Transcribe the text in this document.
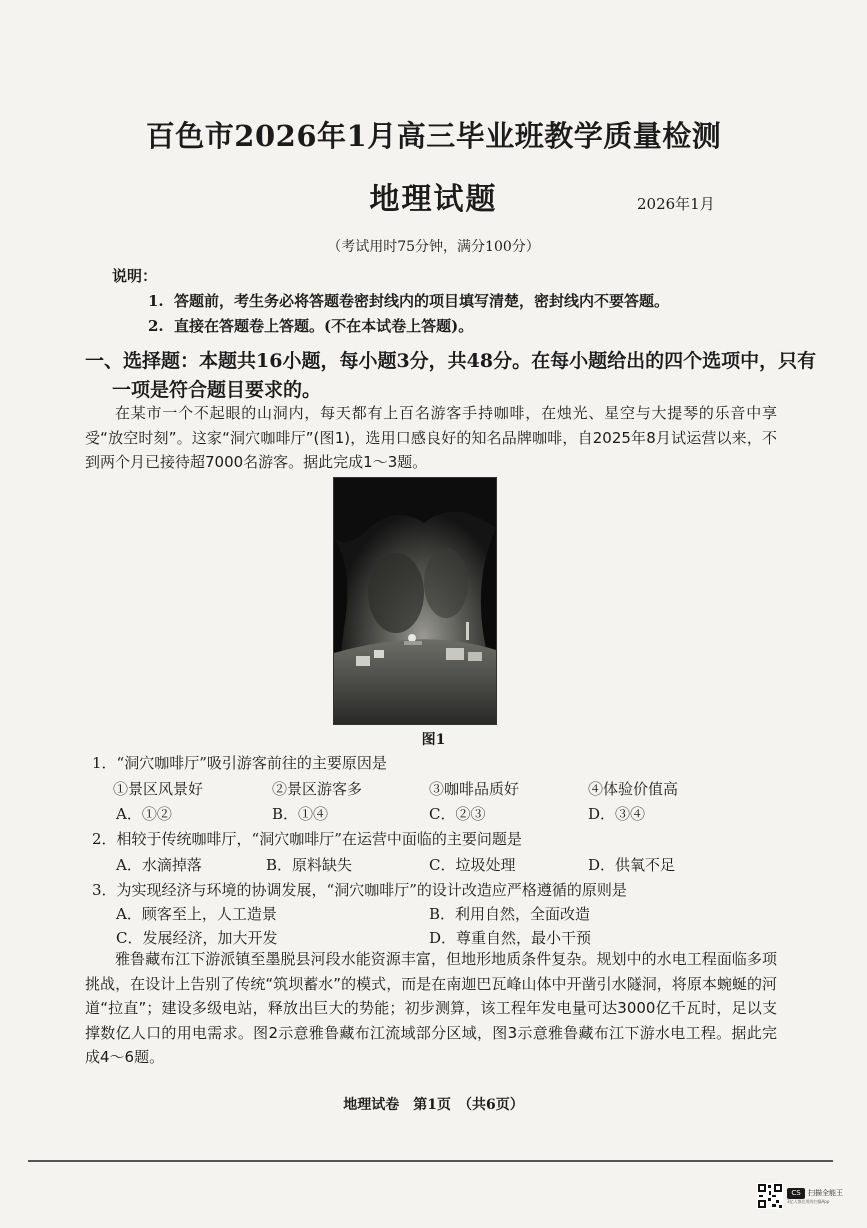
百色市2026年1月高三毕业班教学质量检测
地理试题	2026年1月
（考试用时75分钟，满分100分）
说明：
1. 答题前，考生务必将答题卷密封线内的项目填写清楚，密封线内不要答题。
2. 直接在答题卷上答题。(不在本试卷上答题)。
一、选择题：本题共16小题，每小题3分，共48分。在每小题给出的四个选项中，只有
一项是符合题目要求的。

在某市一个不起眼的山洞内，每天都有上百名游客手持咖啡，在烛光、星空与大提琴的乐音中享受“放空时刻”。这家“洞穴咖啡厅”(图1)，选用口感良好的知名品牌咖啡，自2025年8月试运营以来，不到两个月已接待超7000名游客。据此完成1～3题。

图1
1．“洞穴咖啡厅”吸引游客前往的主要原因是
①景区风景好	②景区游客多	③咖啡品质好	④体验价值高
A．①②	B．①④	C．②③	D．③④
2．相较于传统咖啡厅，“洞穴咖啡厅”在运营中面临的主要问题是
A．水滴掉落	B．原料缺失	C．垃圾处理	D．供氧不足
3．为实现经济与环境的协调发展，“洞穴咖啡厅”的设计改造应严格遵循的原则是
A．顾客至上，人工造景	B．利用自然，全面改造
C．发展经济，加大开发	D．尊重自然，最小干预

雅鲁藏布江下游派镇至墨脱县河段水能资源丰富，但地形地质条件复杂。规划中的水电工程面临多项挑战，在设计上告别了传统“筑坝蓄水”的模式，而是在南迦巴瓦峰山体中开凿引水隧洞，将原本蜿蜒的河道“拉直”；建设多级电站，释放出巨大的势能；初步测算，该工程年发电量可达3000亿千瓦时，足以支撑数亿人口的用电需求。图2示意雅鲁藏布江流域部分区域，图3示意雅鲁藏布江下游水电工程。据此完成4～6题。

地理试卷　第1页　（共6页）
CS	扫描全能王
3亿人都在用的扫描App
